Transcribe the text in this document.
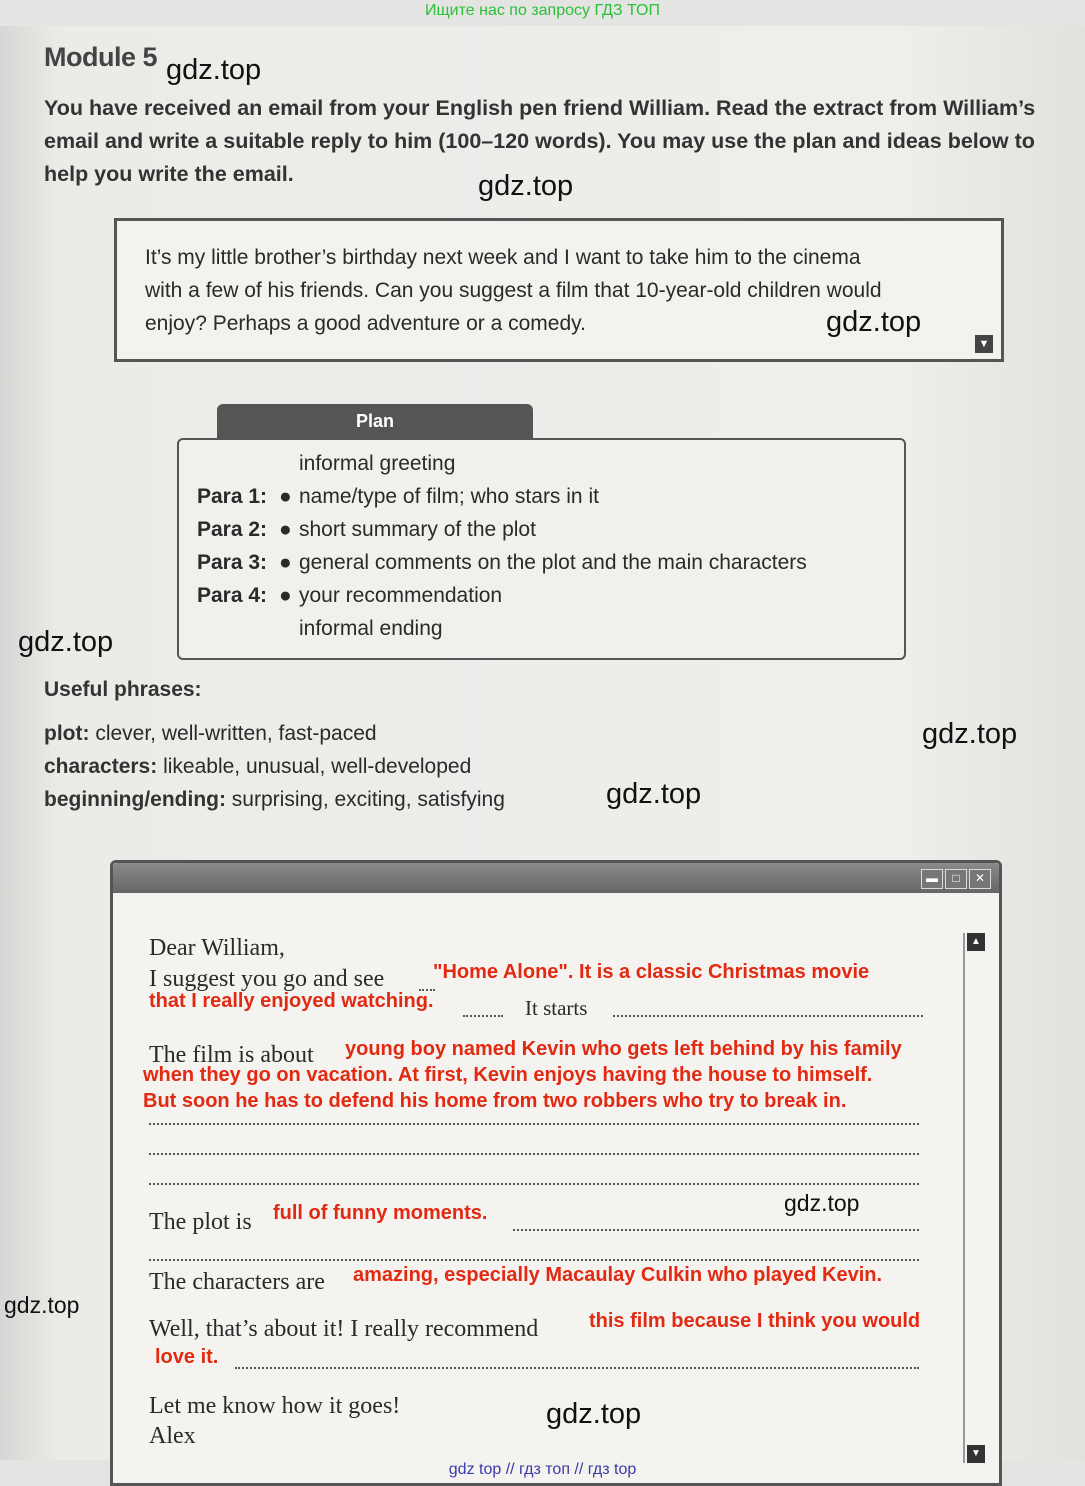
Ищите нас по запросу ГДЗ ТОП
Module 5 gdz.top
You have received an email from your English pen friend William. Read the extract from William’s email and write a suitable reply to him (100–120 words). You may use the plan and ideas below to help you write the email.	gdz.top
It’s my little brother’s birthday next week and I want to take him to the cinema
with a few of his friends. Can you suggest a film that 10-year-old children would
enjoy? Perhaps a good adventure or a comedy.
▼
gdz.top
Plan
informal greeting
Para 1: ● name/type of film; who stars in it
Para 2: ● short summary of the plot
Para 3: ● general comments on the plot and the main characters
Para 4: ● your recommendation
informal ending
gdz.top
Useful phrases:
plot: clever, well-written, fast-paced
characters: likeable, unusual, well-developed
beginning/ending: surprising, exciting, satisfying
gdz.top
gdz.top
▬	□	✕
▲
▼
Dear William,
I suggest you go and see "Home Alone". It is a classic Christmas movie
that I really enjoyed watching.	It starts
The film is about young boy named Kevin who gets left behind by his family
when they go on vacation. At first, Kevin enjoys having the house to himself.
But soon he has to defend his home from two robbers who try to break in.
The plot is full of funny moments.
The characters are amazing, especially Macaulay Culkin who played Kevin.
Well, that’s about it! I really recommend	this film because I think you would
love it.
Let me know how it goes!
Alex
gdz.top
gdz.top
gdz.top
gdz top // гдз топ // гдз top
